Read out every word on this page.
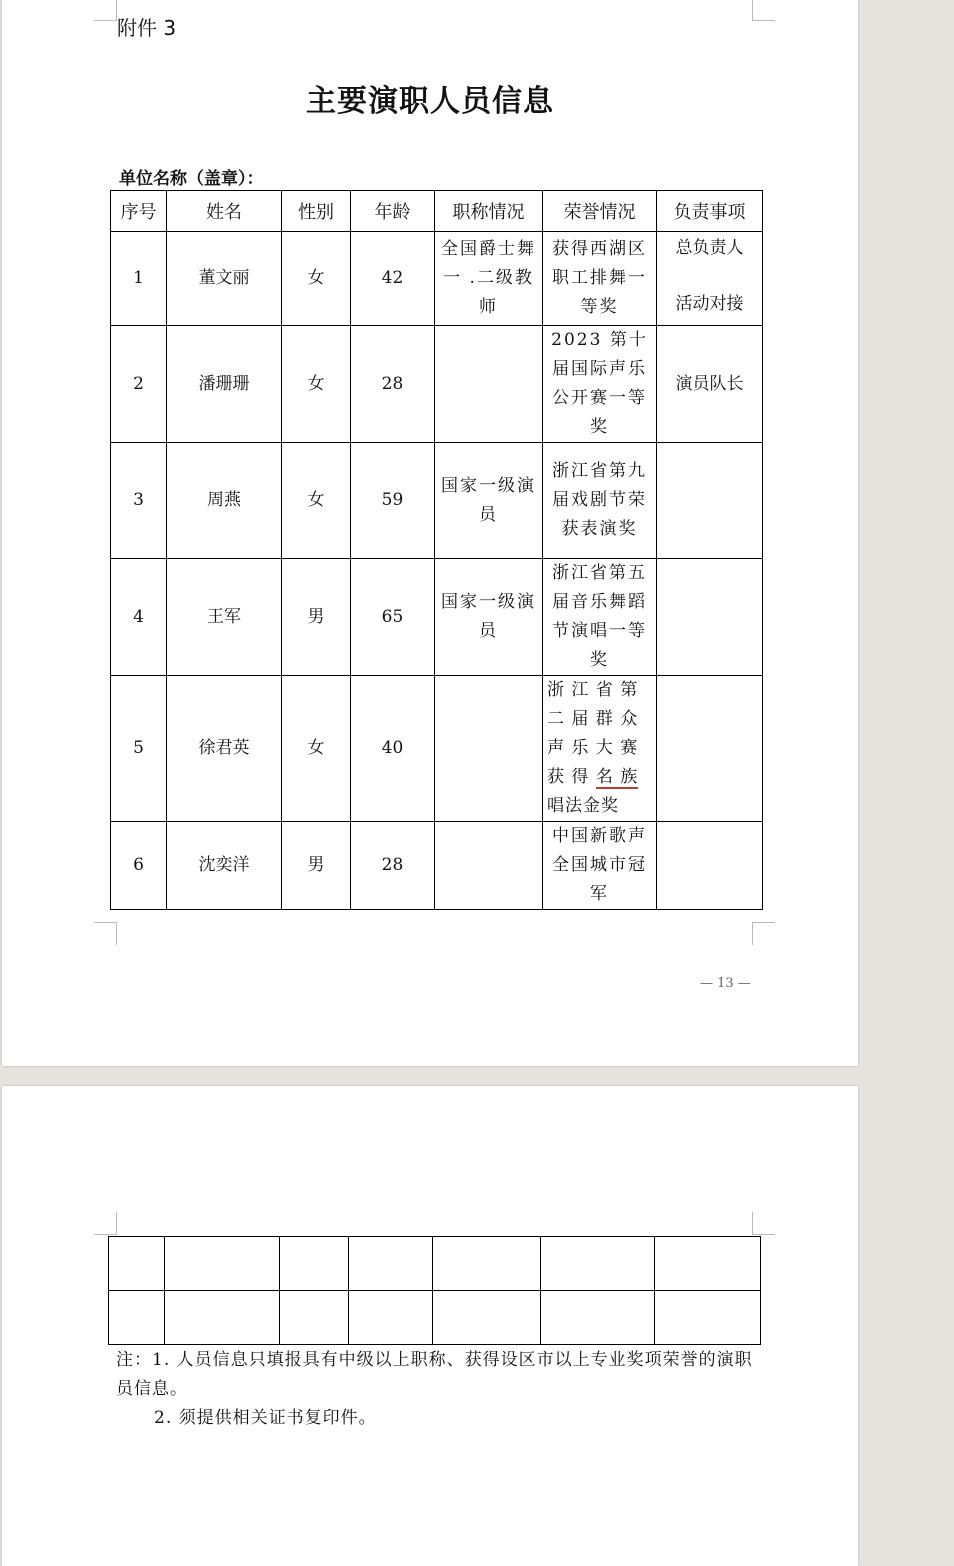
附件 3
主要演职人员信息
单位名称（盖章）：
序号	姓名	性别	年龄	职称情况	荣誉情况	负责事项
1	董文丽	女	42	全国爵士舞一 .二级教师	获得西湖区职工排舞一等奖	总负责人
活动对接

2	潘珊珊	女	28		2023 第十届国际声乐公开赛一等奖	演员队长
3	周燕	女	59	国家一级演员	浙江省第九届戏剧节荣获表演奖	

4	王军	男	65	国家一级演员	浙江省第五届音乐舞蹈节演唱一等奖	

5	徐君英	女	40		浙 江 省 第 二 届 群 众 声 乐 大 赛 获 得 名 族
唱法金奖	

6	沈奕洋	男	28		中国新歌声全国城市冠军	

— 13 —

注：1. 人员信息只填报具有中级以上职称、获得设区市以上专业奖项荣誉的演职员信息。

2. 须提供相关证书复印件。
